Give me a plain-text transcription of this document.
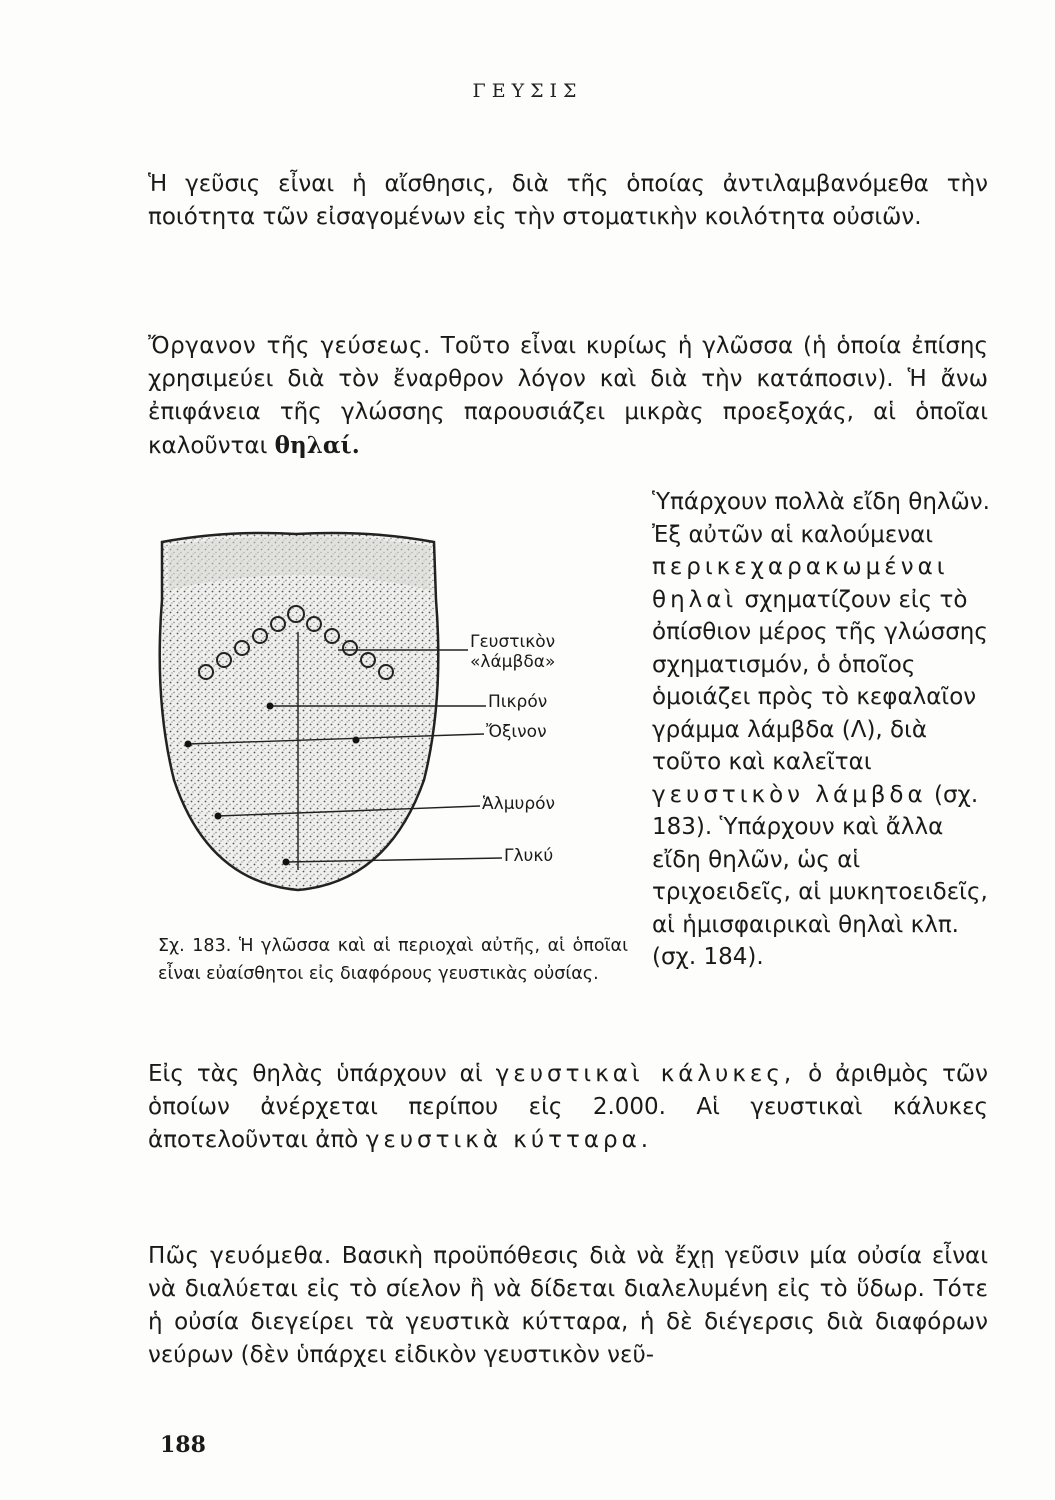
ΓΕΥΣΙΣ

Ἡ γεῦσις εἶναι ἡ αἴσθησις, διὰ τῆς ὁποίας ἀντιλαμβανόμεθα τὴν ποιότητα τῶν εἰσαγομένων εἰς τὴν στοματικὴν κοιλότητα οὐσιῶν.

Ὄργανον τῆς γεύσεως. Τοῦτο εἶναι κυρίως ἡ γλῶσσα (ἡ ὁποία ἐπίσης χρησιμεύει διὰ τὸν ἔναρθρον λόγον καὶ διὰ τὴν κατάποσιν). Ἡ ἄνω ἐπιφάνεια τῆς γλώσσης παρουσιάζει μικρὰς προεξοχάς, αἱ ὁποῖαι καλοῦνται θηλαί.

Γευστικὸν
«λάμβδα»
Πικρόν
Ὄξινον
Ἁλμυρόν
Γλυκύ

Σχ. 183. Ἡ γλῶσσα καὶ αἱ περιοχαὶ αὐτῆς, αἱ ὁποῖαι εἶναι εὐαίσθητοι εἰς διαφόρους γευστικὰς οὐσίας.

Ὑπάρχουν πολλὰ εἴδη θηλῶν. Ἐξ αὐτῶν αἱ καλούμεναι περικεχαρακωμέναι θηλαὶ σχηματίζουν εἰς τὸ ὀπίσθιον μέρος τῆς γλώσσης σχηματισμόν, ὁ ὁποῖος ὁμοιάζει πρὸς τὸ κεφαλαῖον γράμμα λάμβδα (Λ), διὰ τοῦτο καὶ καλεῖται γευστικὸν λάμβδα (σχ. 183). Ὑπάρχουν καὶ ἄλλα εἴδη θηλῶν, ὡς αἱ τριχοειδεῖς, αἱ μυκητοειδεῖς, αἱ ἡμισφαιρικαὶ θηλαὶ κλπ. (σχ. 184).

Εἰς τὰς θηλὰς ὑπάρχουν αἱ γευστικαὶ κάλυκες, ὁ ἀριθμὸς τῶν ὁποίων ἀνέρχεται περίπου εἰς 2.000. Αἱ γευστικαὶ κάλυκες ἀποτελοῦνται ἀπὸ γευστικὰ κύτταρα.

Πῶς γευόμεθα. Βασικὴ προϋπόθεσις διὰ νὰ ἔχῃ γεῦσιν μία οὐσία εἶναι νὰ διαλύεται εἰς τὸ σίελον ἢ νὰ δίδεται διαλελυμένη εἰς τὸ ὕδωρ. Τότε ἡ οὐσία διεγείρει τὰ γευστικὰ κύτταρα, ἡ δὲ διέγερσις διὰ διαφόρων νεύρων (δὲν ὑπάρχει εἰδικὸν γευστικὸν νεῦ-

188
